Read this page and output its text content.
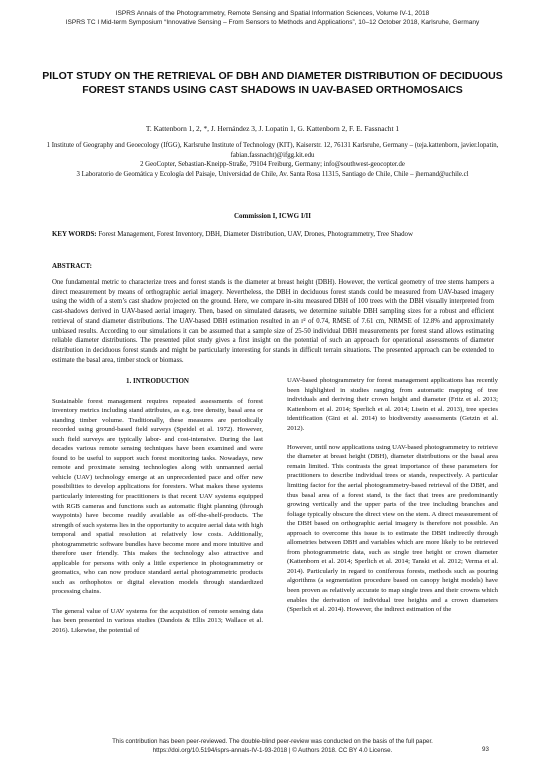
ISPRS Annals of the Photogrammetry, Remote Sensing and Spatial Information Sciences, Volume IV-1, 2018
ISPRS TC I Mid-term Symposium “Innovative Sensing – From Sensors to Methods and Applications”, 10–12 October 2018, Karlsruhe, Germany
PILOT STUDY ON THE RETRIEVAL OF DBH AND DIAMETER DISTRIBUTION OF DECIDUOUS FOREST STANDS USING CAST SHADOWS IN UAV-BASED ORTHOMOSAICS
T. Kattenborn 1, 2, *, J. Hernández 3, J. Lopatin 1, G. Kattenborn 2, F. E. Fassnacht 1
1 Institute of Geography and Geoecology (IfGG), Karlsruhe Institute of Technology (KIT), Kaiserstr. 12, 76131 Karlsruhe, Germany – (teja.kattenborn, javier.lopatin, fabian.fassnacht)@ifgg.kit.edu
2 GeoCopter, Sebastian-Kneipp-Straße, 79104 Freiburg, Germany; info@southwest-geocopter.de
3 Laboratorio de Geomática y Ecología del Paisaje, Universidad de Chile, Av. Santa Rosa 11315, Santiago de Chile, Chile – jhernand@uchile.cl
Commission I, ICWG I/II
KEY WORDS: Forest Management, Forest Inventory, DBH, Diameter Distribution, UAV, Drones, Photogrammetry, Tree Shadow
ABSTRACT:

One fundamental metric to characterize trees and forest stands is the diameter at breast height (DBH). However, the vertical geometry of tree stems hampers a direct measurement by means of orthographic aerial imagery. Nevertheless, the DBH in deciduous forest stands could be measured from UAV-based imagery using the width of a stem’s cast shadow projected on the ground. Here, we compare in-situ measured DBH of 100 trees with the DBH visually interpreted from cast-shadows derived in UAV-based aerial imagery. Then, based on simulated datasets, we determine suitable DBH sampling sizes for a robust and efficient retrieval of stand diameter distributions. The UAV-based DBH estimation resulted in an r² of 0.74, RMSE of 7.61 cm, NRMSE of 12.8% and approximately unbiased results. According to our simulations it can be assumed that a sample size of 25-50 individual DBH measurements per forest stand allows estimating reliable diameter distributions. The presented pilot study gives a first insight on the potential of such an approach for operational assessments of diameter distribution in deciduous forest stands and might be particularly interesting for stands in difficult terrain situations. The presented approach can be extended to estimate the basal area, timber stock or biomass.

1. INTRODUCTION

Sustainable forest management requires repeated assessments of forest inventory metrics including stand attributes, as e.g. tree density, basal area or standing timber volume. Traditionally, these measures are periodically recorded using ground-based field surveys (Speidel et al. 1972). However, such field surveys are typically labor- and cost-intensive. During the last decades various remote sensing techniques have been examined and were found to be useful to support such forest monitoring tasks. Nowadays, new remote and proximate sensing technologies along with unmanned aerial vehicle (UAV) technology emerge at an unprecedented pace and offer new possibilities to develop applications for foresters. What makes these systems particularly interesting for practitioners is that recent UAV systems equipped with RGB cameras and functions such as automatic flight planning (through waypoints) have become readily available as off-the-shelf-products. The strength of such systems lies in the opportunity to acquire aerial data with high temporal and spatial resolution at relatively low costs. Additionally, photogrammetric software bundles have become more and more intuitive and therefore user friendly. This makes the technology also attractive and applicable for persons with only a little experience in photogrammetry or geomatics, who can now produce standard aerial photogrammetric products such as orthophotos or digital elevation models through standardized processing chains.

The general value of UAV systems for the acquisition of remote sensing data has been presented in various studies (Dandois & Ellis 2013; Wallace et al. 2016). Likewise, the potential of

UAV-based photogrammetry for forest management applications has recently been highlighted in studies ranging from automatic mapping of tree individuals and deriving their crown height and diameter (Fritz et al. 2013; Kattenborn et al. 2014; Sperlich et al. 2014; Lisein et al. 2013), tree species identification (Gini et al. 2014) to biodiversity assessments (Getzin et al. 2012).

However, until now applications using UAV-based photogrammetry to retrieve the diameter at breast height (DBH), diameter distributions or the basal area remain limited. This contrasts the great importance of these parameters for practitioners to describe individual trees or stands, respectively. A particular limiting factor for the aerial photogrammetry-based retrieval of the DBH, and thus basal area of a forest stand, is the fact that trees are predominantly growing vertically and the upper parts of the tree including branches and foliage typically obscure the direct view on the stem. A direct measurement of the DBH based on orthographic aerial imagery is therefore not possible. An approach to overcome this issue is to estimate the DBH indirectly through allometries between DBH and variables which are more likely to be retrieved from photogrammetric data, such as single tree height or crown diameter (Kattenborn et al. 2014; Sperlich et al. 2014; Tanski et al. 2012; Verma et al. 2014). Particularly in regard to coniferous forests, methods such as pouring algorithms (a segmentation procedure based on canopy height models) have been proven as relatively accurate to map single trees and their crowns which enables the derivation of individual tree heights and a crown diameters (Sperlich et al. 2014). However, the indirect estimation of the

This contribution has been peer-reviewed. The double-blind peer-review was conducted on the basis of the full paper.
https://doi.org/10.5194/isprs-annals-IV-1-93-2018 | © Authors 2018. CC BY 4.0 License.	93
